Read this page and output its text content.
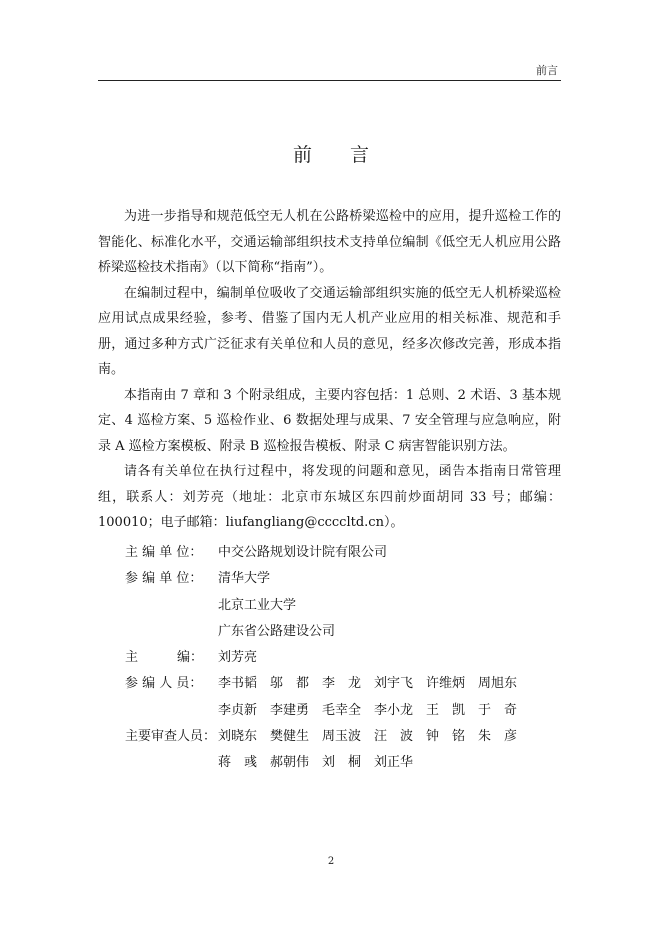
前言
前 言

为进一步指导和规范低空无人机在公路桥梁巡检中的应用，提升巡检工作的智能化、标准化水平，交通运输部组织技术支持单位编制《低空无人机应用公路桥梁巡检技术指南》（以下简称“指南”）。

在编制过程中，编制单位吸收了交通运输部组织实施的低空无人机桥梁巡检应用试点成果经验，参考、借鉴了国内无人机产业应用的相关标准、规范和手册，通过多种方式广泛征求有关单位和人员的意见，经多次修改完善，形成本指南。

本指南由 7 章和 3 个附录组成，主要内容包括：1 总则、2 术语、3 基本规定、4 巡检方案、5 巡检作业、6 数据处理与成果、7 安全管理与应急响应，附录 A 巡检方案模板、附录 B 巡检报告模板、附录 C 病害智能识别方法。

请各有关单位在执行过程中，将发现的问题和意见，函告本指南日常管理组，联系人：刘芳亮（地址：北京市东城区东四前炒面胡同 33 号；邮编：100010；电子邮箱：liufangliang@ccccltd.cn）。

主 编 单 位：	中交公路规划设计院有限公司
参 编 单 位：	清华大学
北京工业大学
广东省公路建设公司
主　　　编：	刘芳亮
参 编 人 员：	李书韬　邬　都　李　龙　刘宇飞　许维炳　周旭东
李贞新　李建勇　毛幸全　李小龙　王　凯　于　奇
主要审查人员： 刘晓东　樊健生　周玉波　汪　波　钟　铭　朱　彦
蒋　彧　郝朝伟　刘　桐　刘正华
2
